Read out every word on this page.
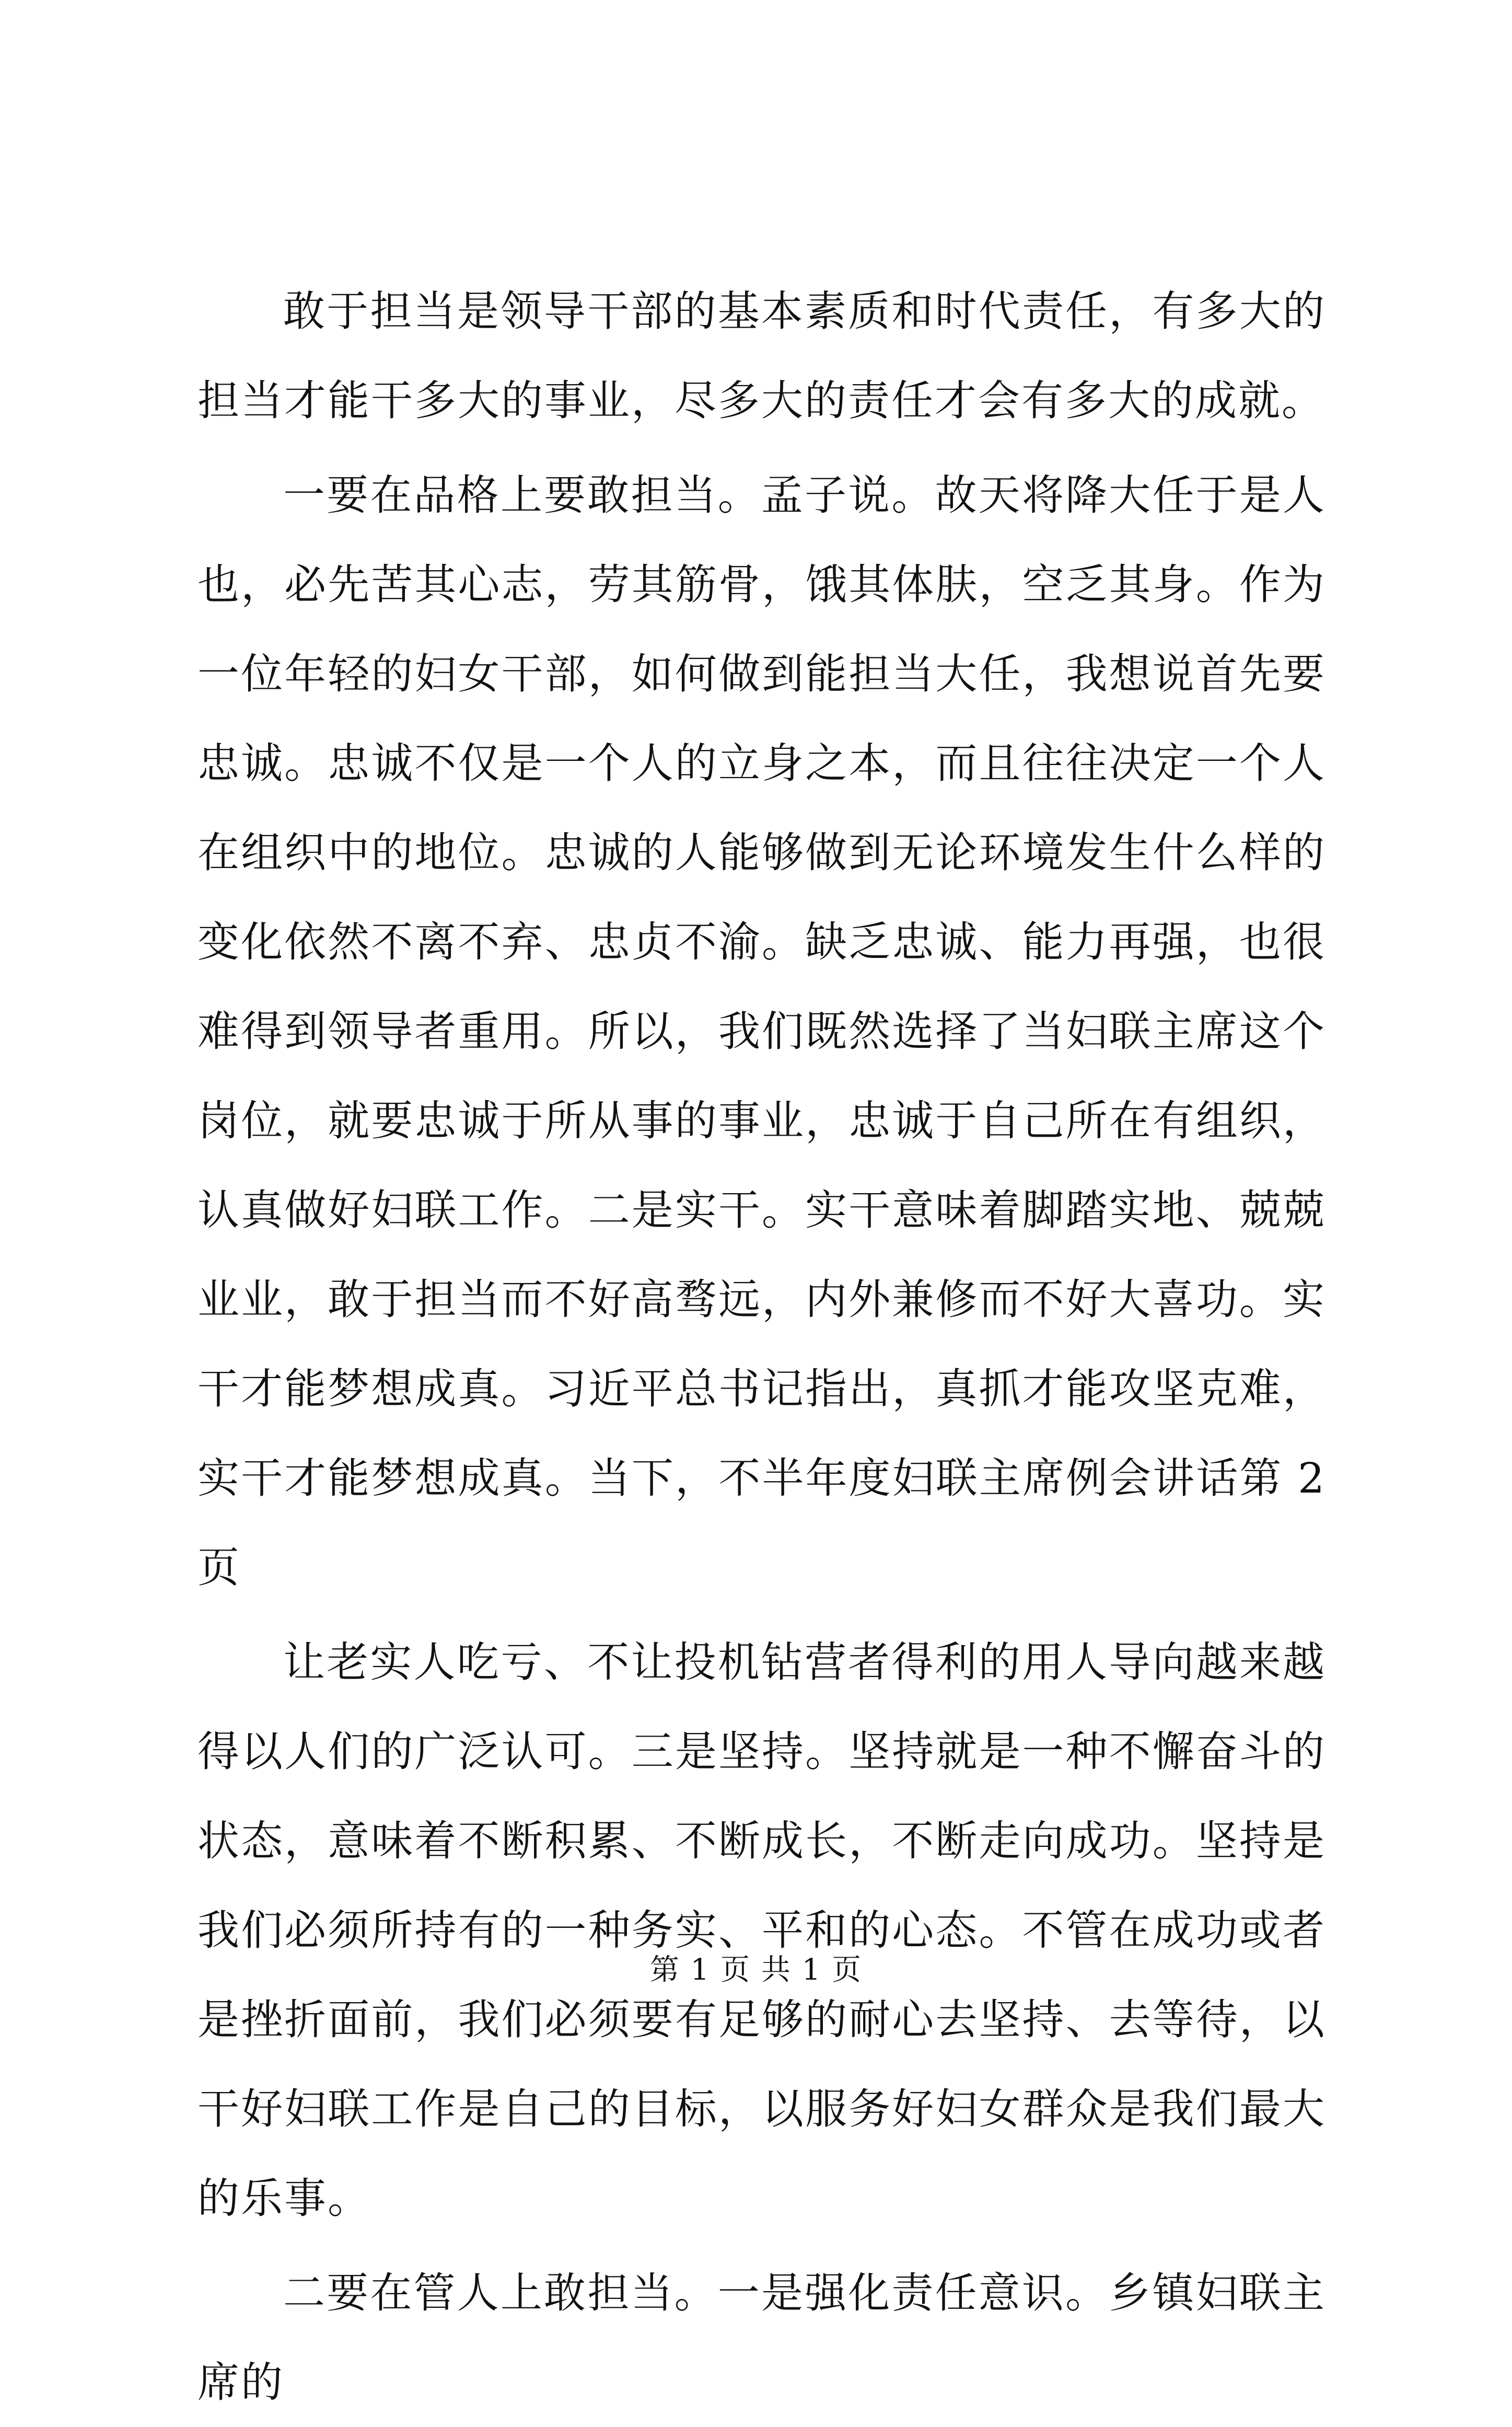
敢于担当是领导干部的基本素质和时代责任，有多大的担当才能干多大的事业，尽多大的责任才会有多大的成就。

一要在品格上要敢担当。孟子说。故天将降大任于是人也，必先苦其心志，劳其筋骨，饿其体肤，空乏其身。作为一位年轻的妇女干部，如何做到能担当大任，我想说首先要忠诚。忠诚不仅是一个人的立身之本，而且往往决定一个人在组织中的地位。忠诚的人能够做到无论环境发生什么样的变化依然不离不弃、忠贞不渝。缺乏忠诚、能力再强，也很难得到领导者重用。所以，我们既然选择了当妇联主席这个岗位，就要忠诚于所从事的事业，忠诚于自己所在有组织，认真做好妇联工作。二是实干。实干意味着脚踏实地、兢兢业业，敢于担当而不好高骛远，内外兼修而不好大喜功。实干才能梦想成真。习近平总书记指出，真抓才能攻坚克难，实干才能梦想成真。当下，不半年度妇联主席例会讲话第 2 页

让老实人吃亏、不让投机钻营者得利的用人导向越来越得以人们的广泛认可。三是坚持。坚持就是一种不懈奋斗的状态，意味着不断积累、不断成长，不断走向成功。坚持是我们必须所持有的一种务实、平和的心态。不管在成功或者是挫折面前，我们必须要有足够的耐心去坚持、去等待，以干好妇联工作是自己的目标，以服务好妇女群众是我们最大的乐事。

二要在管人上敢担当。一是强化责任意识。乡镇妇联主席的

第 1 页 共 1 页
